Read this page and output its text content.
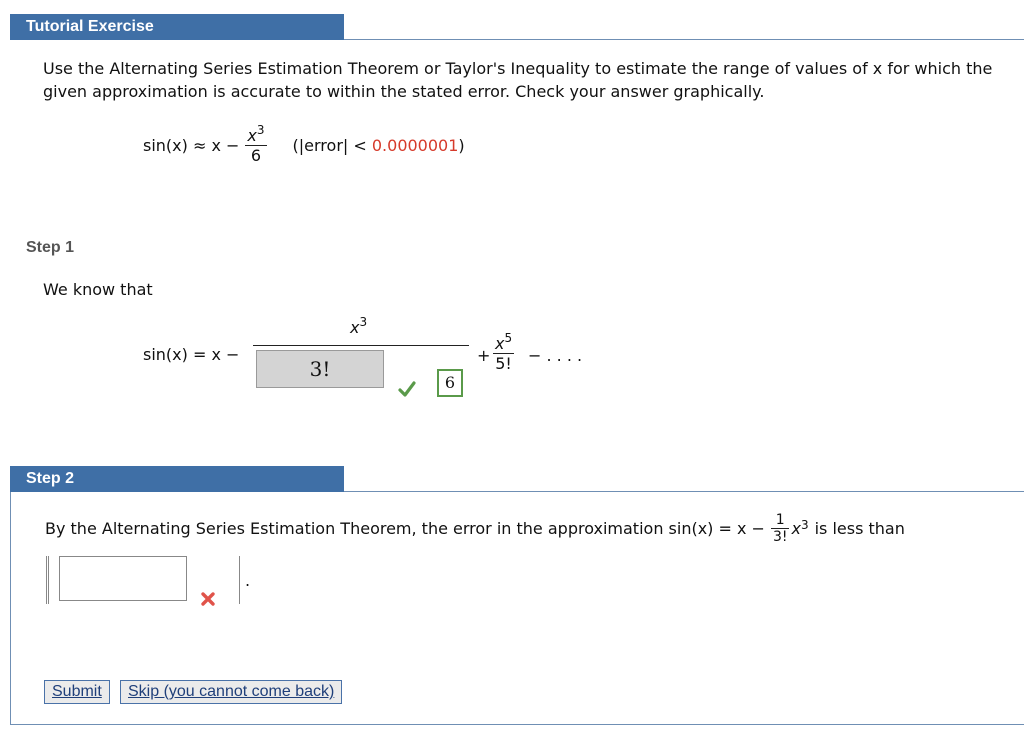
Tutorial Exercise
Use the Alternating Series Estimation Theorem or Taylor's Inequality to estimate the range of values of x for which the given approximation is accurate to within the stated error. Check your answer graphically.
$\sin(x) \approx x - \frac{x^3}{6}$ (|error| < 0.0000001)
Step 1
We know that
sin(x) = x −
$x^3$
3!
6
+ $\frac{x^5}{5!}$ − . . . .
Step 2
By the Alternating Series Estimation Theorem, the error in the approximation $\sin(x) = x - \frac{1}{3!} x^3$ is less than
.
Submit	Skip (you cannot come back)
